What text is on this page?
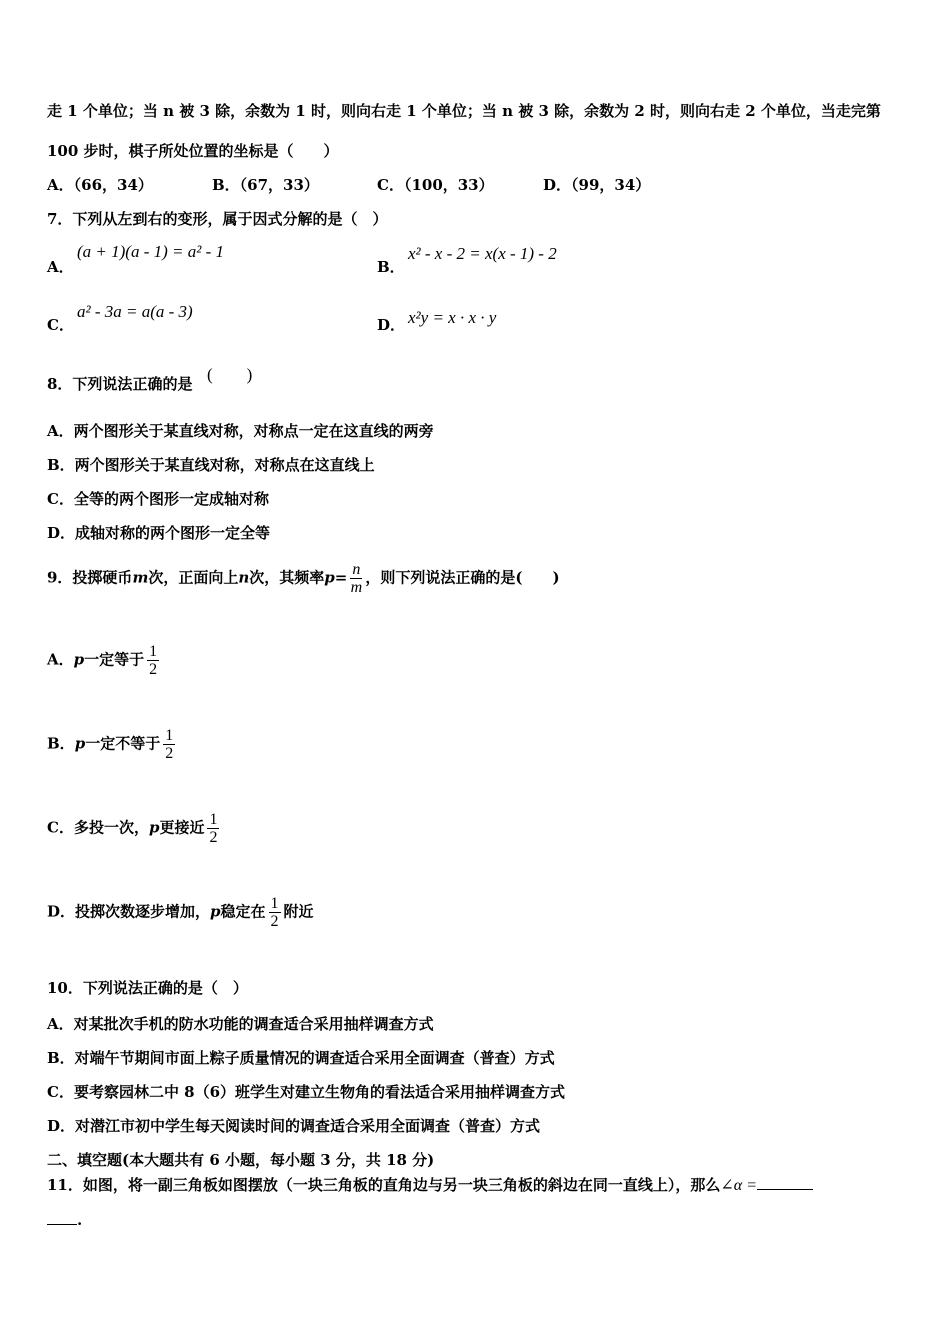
走 1 个单位；当 n 被 3 除，余数为 1 时，则向右走 1 个单位；当 n 被 3 除，余数为 2 时，则向右走 2 个单位，当走完第
100 步时，棋子所处位置的坐标是（　　）
A．（66，34）	B．（67，33）	C．（100，33）	D．（99，34）
7．下列从左到右的变形，属于因式分解的是（　）
A．
(a + 1)(a - 1) = a² - 1
B．
x² - x - 2 = x(x - 1) - 2
C．
a² - 3a = a(a - 3)
D． x²y = x · x · y
8．下列说法正确的是 (　　)
A．两个图形关于某直线对称，对称点一定在这直线的两旁
B．两个图形关于某直线对称，对称点在这直线上
C．全等的两个图形一定成轴对称
D．成轴对称的两个图形一定全等
9．投掷硬币m次，正面向上n次，其频率$p= \frac{n}{m}$ ，则下列说法正确的是(　　)
A．p一定等于 $\frac{1}{2}$
B．p一定不等于 $\frac{1}{2}$
C．多投一次，p更接近 $\frac{1}{2}$
D．投掷次数逐步增加，p稳定在 $\frac{1}{2}$ 附近
10．下列说法正确的是（　）
A．对某批次手机的防水功能的调查适合采用抽样调查方式
B．对端午节期间市面上粽子质量情况的调查适合采用全面调查（普查）方式
C．要考察园林二中 8（6）班学生对建立生物角的看法适合采用抽样调查方式
D．对潜江市初中学生每天阅读时间的调查适合采用全面调查（普查）方式
二、填空题(本大题共有 6 小题，每小题 3 分，共 18 分)
11．如图，将一副三角板如图摆放（一块三角板的直角边与另一块三角板的斜边在同一直线上），那么∠α =
.
